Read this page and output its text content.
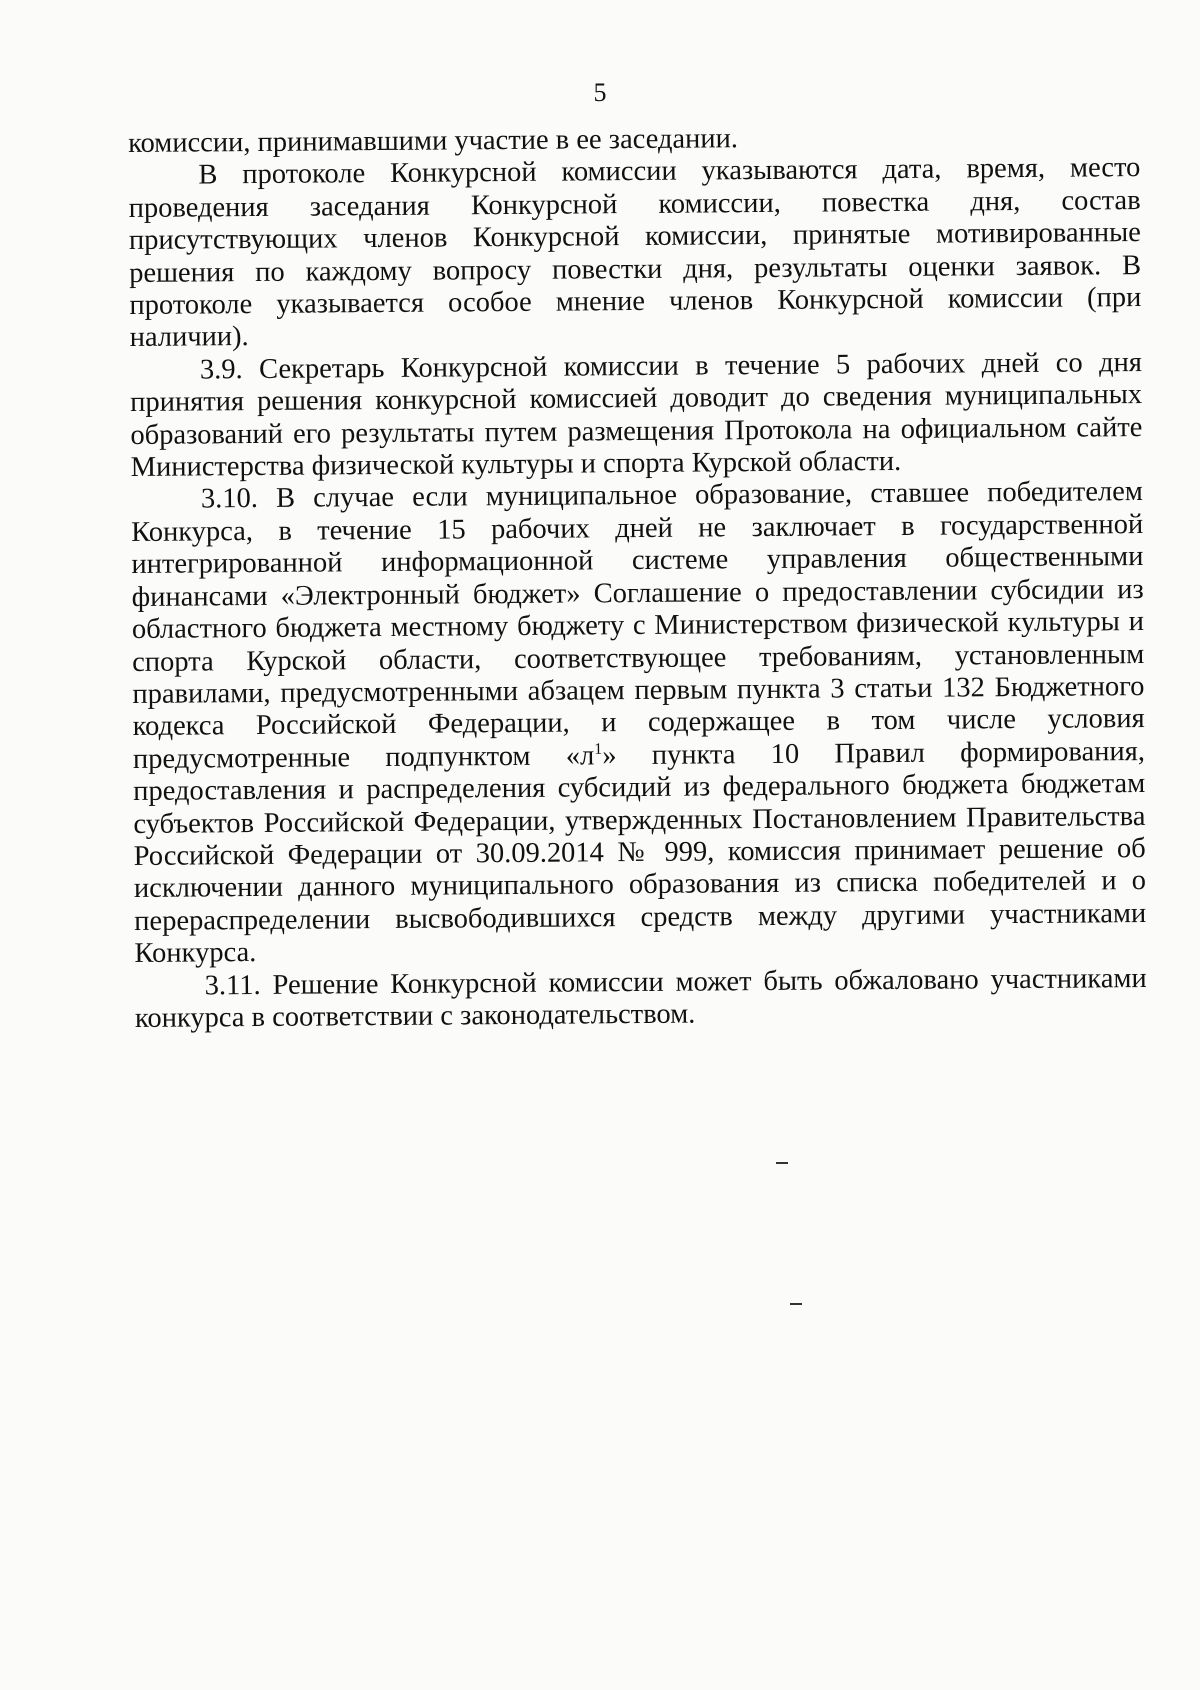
5

комиссии, принимавшими участие в ее заседании.

В протоколе Конкурсной комиссии указываются дата, время, место проведения заседания Конкурсной комиссии, повестка дня, состав присутствующих членов Конкурсной комиссии, принятые мотивированные решения по каждому вопросу повестки дня, результаты оценки заявок. В протоколе указывается особое мнение членов Конкурсной комиссии (при наличии).

3.9. Секретарь Конкурсной комиссии в течение 5 рабочих дней со дня принятия решения конкурсной комиссией доводит до сведения муниципальных образований его результаты путем размещения Протокола на официальном сайте Министерства физической культуры и спорта Курской области.

3.10. В случае если муниципальное образование, ставшее победителем Конкурса, в течение 15 рабочих дней не заключает в государственной интегрированной информационной системе управления общественными финансами «Электронный бюджет» Соглашение о предоставлении субсидии из областного бюджета местному бюджету с Министерством физической культуры и спорта Курской области, соответствующее требованиям, установленным правилами, предусмотренными абзацем первым пункта 3 статьи 132 Бюджетного кодекса Российской Федерации, и содержащее в том числе условия предусмотренные подпунктом «$л^1$» пункта 10 Правил формирования, предоставления и распределения субсидий из федерального бюджета бюджетам субъектов Российской Федерации, утвержденных Постановлением Правительства Российской Федерации от 30.09.2014 № 999, комиссия принимает решение об исключении данного муниципального образования из списка победителей и о перераспределении высвободившихся средств между другими участниками Конкурса.

3.11. Решение Конкурсной комиссии может быть обжаловано участниками конкурса в соответствии с законодательством.
